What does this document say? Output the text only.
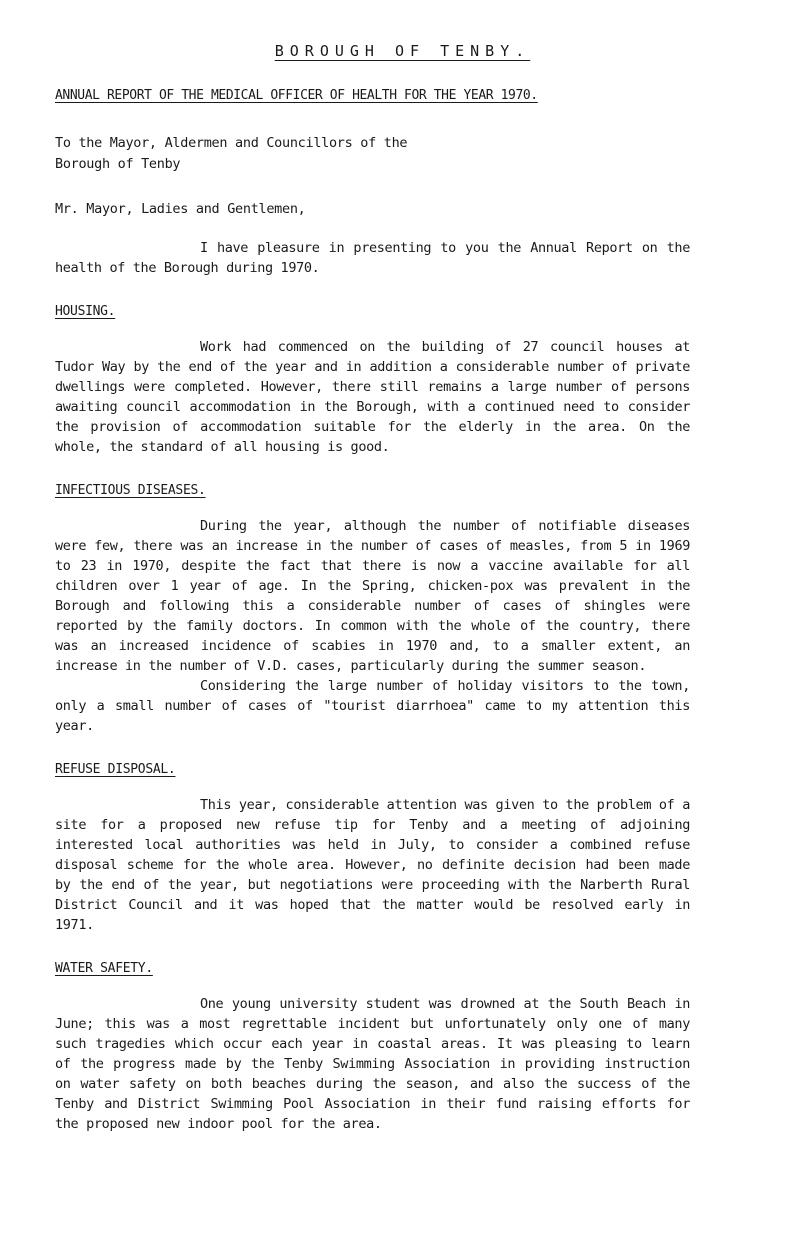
BOROUGH OF TENBY.
ANNUAL REPORT OF THE MEDICAL OFFICER OF HEALTH FOR THE YEAR 1970.
To the Mayor, Aldermen and Councillors of the
Borough of Tenby
Mr. Mayor, Ladies and Gentlemen,

I have pleasure in presenting to you the Annual Report on the health of the Borough during 1970.

HOUSING.

Work had commenced on the building of 27 council houses at Tudor Way by the end of the year and in addition a considerable number of private dwellings were completed. However, there still remains a large number of persons awaiting council accommodation in the Borough, with a continued need to consider the provision of accommodation suitable for the elderly in the area. On the whole, the standard of all housing is good.

INFECTIOUS DISEASES.

During the year, although the number of notifiable diseases were few, there was an increase in the number of cases of measles, from 5 in 1969 to 23 in 1970, despite the fact that there is now a vaccine available for all children over 1 year of age. In the Spring, chicken-pox was prevalent in the Borough and following this a considerable number of cases of shingles were reported by the family doctors. In common with the whole of the country, there was an increased incidence of scabies in 1970 and, to a smaller extent, an increase in the number of V.D. cases, particularly during the summer season.

Considering the large number of holiday visitors to the town, only a small number of cases of "tourist diarrhoea" came to my attention this year.

REFUSE DISPOSAL.

This year, considerable attention was given to the problem of a site for a proposed new refuse tip for Tenby and a meeting of adjoining interested local authorities was held in July, to consider a combined refuse disposal scheme for the whole area. However, no definite decision had been made by the end of the year, but negotiations were proceeding with the Narberth Rural District Council and it was hoped that the matter would be resolved early in 1971.

WATER SAFETY.

One young university student was drowned at the South Beach in June; this was a most regrettable incident but unfortunately only one of many such tragedies which occur each year in coastal areas. It was pleasing to learn of the progress made by the Tenby Swimming Association in providing instruction on water safety on both beaches during the season, and also the success of the Tenby and District Swimming Pool Association in their fund raising efforts for the proposed new indoor pool for the area.
